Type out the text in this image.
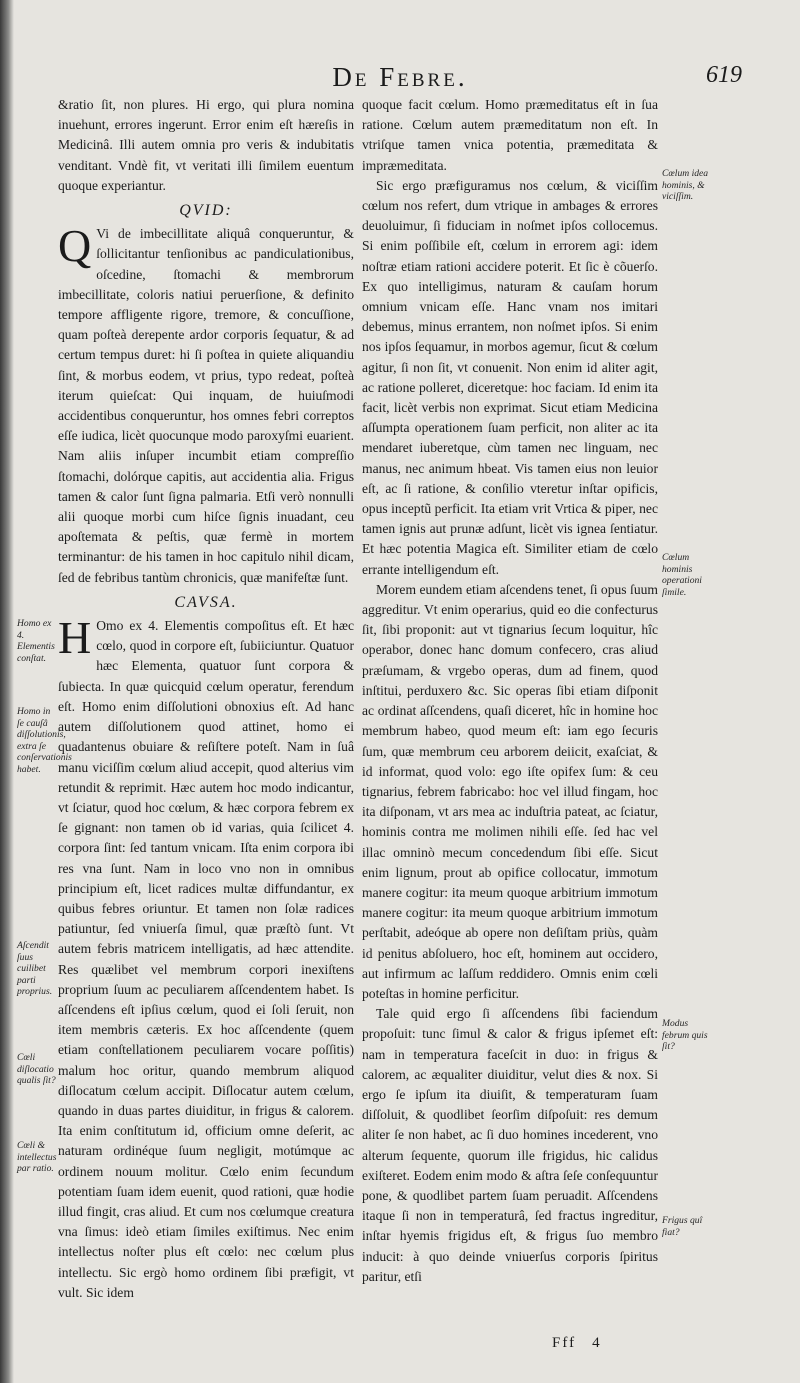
De Febre.	619

&ratio ſit, non plures. Hi ergo, qui plura nomina inuehunt, errores ingerunt. Error enim eſt hæreſis in Medicinâ. Illi autem omnia pro veris & indubitatis venditant. Vndè fit, vt veritati illi ſimilem euentum quoque experiantur.

QVID:

Q Vi de imbecillitate aliquâ conqueruntur, & ſollicitantur tenſionibus ac pandiculationibus, oſcedine, ſtomachi & membrorum imbecillitate, coloris natiui peruerſione, & definito tempore affligente rigore, tremore, & concuſſione, quam poſteà derepente ardor corporis ſequatur, & ad certum tempus duret: hi ſi poſtea in quiete aliquandiu ſint, & morbus eodem, vt prius, typo redeat, poſteà iterum quieſcat: Qui inquam, de huiuſmodi accidentibus conqueruntur, hos omnes febri correptos eſſe iudica, licèt quocunque modo paroxyſmi euarient. Nam aliis inſuper incumbit etiam compreſſio ſtomachi, dolórque capitis, aut accidentia alia. Frigus tamen & calor ſunt ſigna palmaria. Etſi verò nonnulli alii quoque morbi cum hiſce ſignis inuadant, ceu apoſtemata & peſtis, quæ fermè in mortem terminantur: de his tamen in hoc capitulo nihil dicam, ſed de febribus tantùm chronicis, quæ manifeſtæ ſunt.

CAVSA.

H Omo ex 4. Elementis compoſitus eſt. Et hæc cœlo, quod in corpore eſt, ſubiiciuntur. Quatuor hæc Elementa, quatuor ſunt corpora & ſubiecta. In quæ quicquid cœlum operatur, ferendum eſt. Homo enim diſſolutioni obnoxius eſt. Ad hanc autem diſſolutionem quod attinet, homo ei quadantenus obuiare & reſiſtere poteſt. Nam in ſuâ manu viciſſim cœlum aliud accepit, quod alterius vim retundit & reprimit. Hæc autem hoc modo indicantur, vt ſciatur, quod hoc cœlum, & hæc corpora febrem ex ſe gignant: non tamen ob id varias, quia ſcilicet 4. corpora ſint: ſed tantum vnicam. Iſta enim corpora ibi res vna ſunt. Nam in loco vno non in omnibus principium eſt, licet radices multæ diffundantur, ex quibus febres oriuntur. Et tamen non ſolæ radices patiuntur, ſed vniuerſa ſimul, quæ præſtò ſunt. Vt autem febris matricem intelligatis, ad hæc attendite. Res quælibet vel membrum corpori inexiſtens proprium ſuum ac peculiarem aſſcendentem habet. Is aſſcendens eſt ipſius cœlum, quod ei ſoli ſeruit, non item membris cæteris. Ex hoc aſſcendente (quem etiam conſtellationem peculiarem vocare poſſitis) malum hoc oritur, quando membrum aliquod diſlocatum cœlum accipit. Diſlocatur autem cœlum, quando in duas partes diuiditur, in frigus & calorem. Ita enim conſtitutum id, officium omne deſerit, ac naturam ordinéque ſuum negligit, motúmque ac ordinem nouum molitur. Cœlo enim ſecundum potentiam ſuam idem euenit, quod rationi, quæ hodie illud fingit, cras aliud. Et cum nos cœlumque creatura vna ſimus: ideò etiam ſimiles exiſtimus. Nec enim intellectus noſter plus eſt cœlo: nec cœlum plus intellectu. Sic ergò homo ordinem ſibi præfigit, vt vult. Sic idem

quoque facit cœlum. Homo præmeditatus eſt in ſua ratione. Cœlum autem præmeditatum non eſt. In vtriſque tamen vnica potentia, præmeditata & impræmeditata.

Sic ergo præfiguramus nos cœlum, & viciſſim cœlum nos refert, dum vtrique in ambages & errores deuoluimur, ſi fiduciam in noſmet ipſos collocemus. Si enim poſſibile eſt, cœlum in errorem agi: idem noſtræ etiam rationi accidere poterit. Et ſic è cõuerſo. Ex quo intelligimus, naturam & cauſam horum omnium vnicam eſſe. Hanc vnam nos imitari debemus, minus errantem, non noſmet ipſos. Si enim nos ipſos ſequamur, in morbos agemur, ſicut & cœlum agitur, ſi non ſit, vt conuenit. Non enim id aliter agit, ac ratione polleret, diceretque: hoc faciam. Id enim ita facit, licèt verbis non exprimat. Sicut etiam Medicina aſſumpta operationem ſuam perficit, non aliter ac ita mendaret iuberetque, cùm tamen nec linguam, nec manus, nec animum hbeat. Vis tamen eius non leuior eſt, ac ſi ratione, & conſilio vteretur inſtar opificis, opus inceptũ perficit. Ita etiam vrit Vrtica & piper, nec tamen ignis aut prunæ adſunt, licèt vis ignea ſentiatur. Et hæc potentia Magica eſt. Similiter etiam de cœlo errante intelligendum eſt.

Morem eundem etiam aſcendens tenet, ſi opus ſuum aggreditur. Vt enim operarius, quid eo die confecturus ſit, ſibi proponit: aut vt tignarius ſecum loquitur, hîc operabor, donec hanc domum confecero, cras aliud præſumam, & vrgebo operas, dum ad finem, quod inſtitui, perduxero &c. Sic operas ſibi etiam diſponit ac ordinat aſſcendens, quaſi diceret, hîc in homine hoc membrum habeo, quod meum eſt: iam ego ſecuris ſum, quæ membrum ceu arborem deiicit, exaſciat, & id informat, quod volo: ego iſte opifex ſum: & ceu tignarius, febrem fabricabo: hoc vel illud fingam, hoc ita diſponam, vt ars mea ac induſtria pateat, ac ſciatur, hominis contra me molimen nihili eſſe. ſed hac vel illac omninò mecum concedendum ſibi eſſe. Sicut enim lignum, prout ab opifice collocatur, immotum manere cogitur: ita meum quoque arbitrium immotum manere cogitur: ita meum quoque arbitrium immotum perſtabit, adeóque ab opere non deſiſtam priùs, quàm id penitus abſoluero, hoc eſt, hominem aut occidero, aut infirmum ac laſſum reddidero. Omnis enim cœli poteſtas in homine perficitur.

Tale quid ergo ſi aſſcendens ſibi faciendum propoſuit: tunc ſimul & calor & frigus ipſemet eſt: nam in temperatura faceſcit in duo: in frigus & calorem, ac æqualiter diuiditur, velut dies & nox. Si ergo ſe ipſum ita diuiſit, & temperaturam ſuam diſſoluit, & quodlibet ſeorſim diſpoſuit: res demum aliter ſe non habet, ac ſi duo homines incederent, vno alterum ſequente, quorum ille frigidus, hic calidus exiſteret. Eodem enim modo & aſtra ſeſe conſequuntur pone, & quodlibet partem ſuam peruadit. Aſſcendens itaque ſi non in temperaturâ, ſed fractus ingreditur, inſtar hyemis frigidus eſt, & frigus ſuo membro inducit: à quo deinde vniuerſus corporis ſpiritus paritur, etſi

Homo ex 4. Elementis conſtat.
Homo in ſe cauſâ diſſolutionis, extra ſe conſervationis habet.
Aſcendit ſuus cuilibet parti proprius.
Cœli diſlocatio qualis ſit?
Cœli & intellectus par ratio.
Cœlum idea hominis, & viciſſim.
Cœlum hominis operationi ſimile.
Modus februm quis ſit?
Frigus quî fiat?
Fff 4
